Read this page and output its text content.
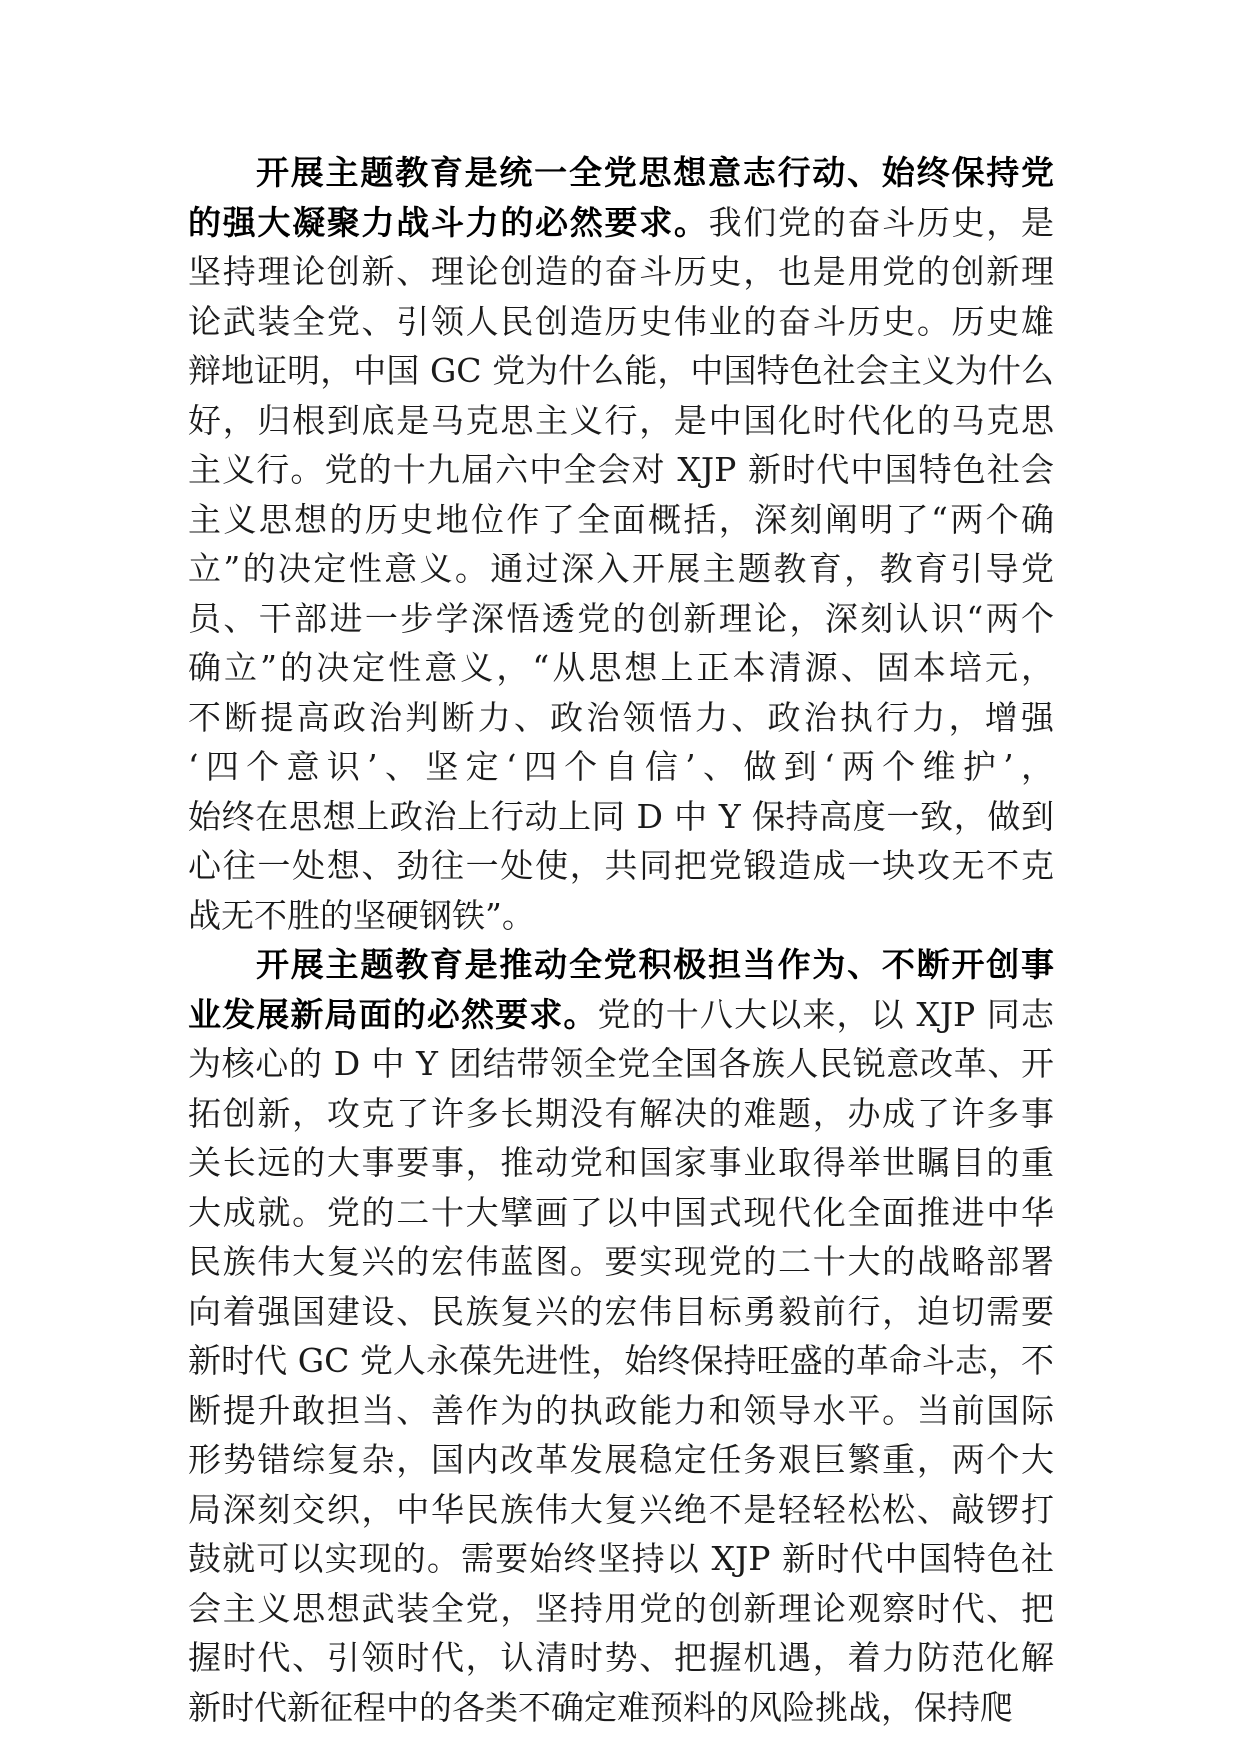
开展主题教育是统一全党思想意志行动、始终保持党
的强大凝聚力战斗力的必然要求。我们党的奋斗历史，是
坚持理论创新、理论创造的奋斗历史，也是用党的创新理
论武装全党、引领人民创造历史伟业的奋斗历史。历史雄
辩地证明，中国 GC 党为什么能，中国特色社会主义为什么
好，归根到底是马克思主义行，是中国化时代化的马克思
主义行。党的十九届六中全会对 XJP 新时代中国特色社会
主义思想的历史地位作了全面概括，深刻阐明了“两个确
立”的决定性意义。通过深入开展主题教育，教育引导党
员、干部进一步学深悟透党的创新理论，深刻认识“两个
确立”的决定性意义，“从思想上正本清源、固本培元，
不断提高政治判断力、政治领悟力、政治执行力，增强
‘四个意识’、坚定‘四个自信’、做到‘两个维护’，
始终在思想上政治上行动上同 D 中 Y 保持高度一致，做到
心往一处想、劲往一处使，共同把党锻造成一块攻无不克
战无不胜的坚硬钢铁”。
开展主题教育是推动全党积极担当作为、不断开创事
业发展新局面的必然要求。党的十八大以来，以 XJP 同志
为核心的 D 中 Y 团结带领全党全国各族人民锐意改革、开
拓创新，攻克了许多长期没有解决的难题，办成了许多事
关长远的大事要事，推动党和国家事业取得举世瞩目的重
大成就。党的二十大擘画了以中国式现代化全面推进中华
民族伟大复兴的宏伟蓝图。要实现党的二十大的战略部署
向着强国建设、民族复兴的宏伟目标勇毅前行，迫切需要
新时代 GC 党人永葆先进性，始终保持旺盛的革命斗志，不
断提升敢担当、善作为的执政能力和领导水平。当前国际
形势错综复杂，国内改革发展稳定任务艰巨繁重，两个大
局深刻交织，中华民族伟大复兴绝不是轻轻松松、敲锣打
鼓就可以实现的。需要始终坚持以 XJP 新时代中国特色社
会主义思想武装全党，坚持用党的创新理论观察时代、把
握时代、引领时代，认清时势、把握机遇，着力防范化解
新时代新征程中的各类不确定难预料的风险挑战，保持爬
